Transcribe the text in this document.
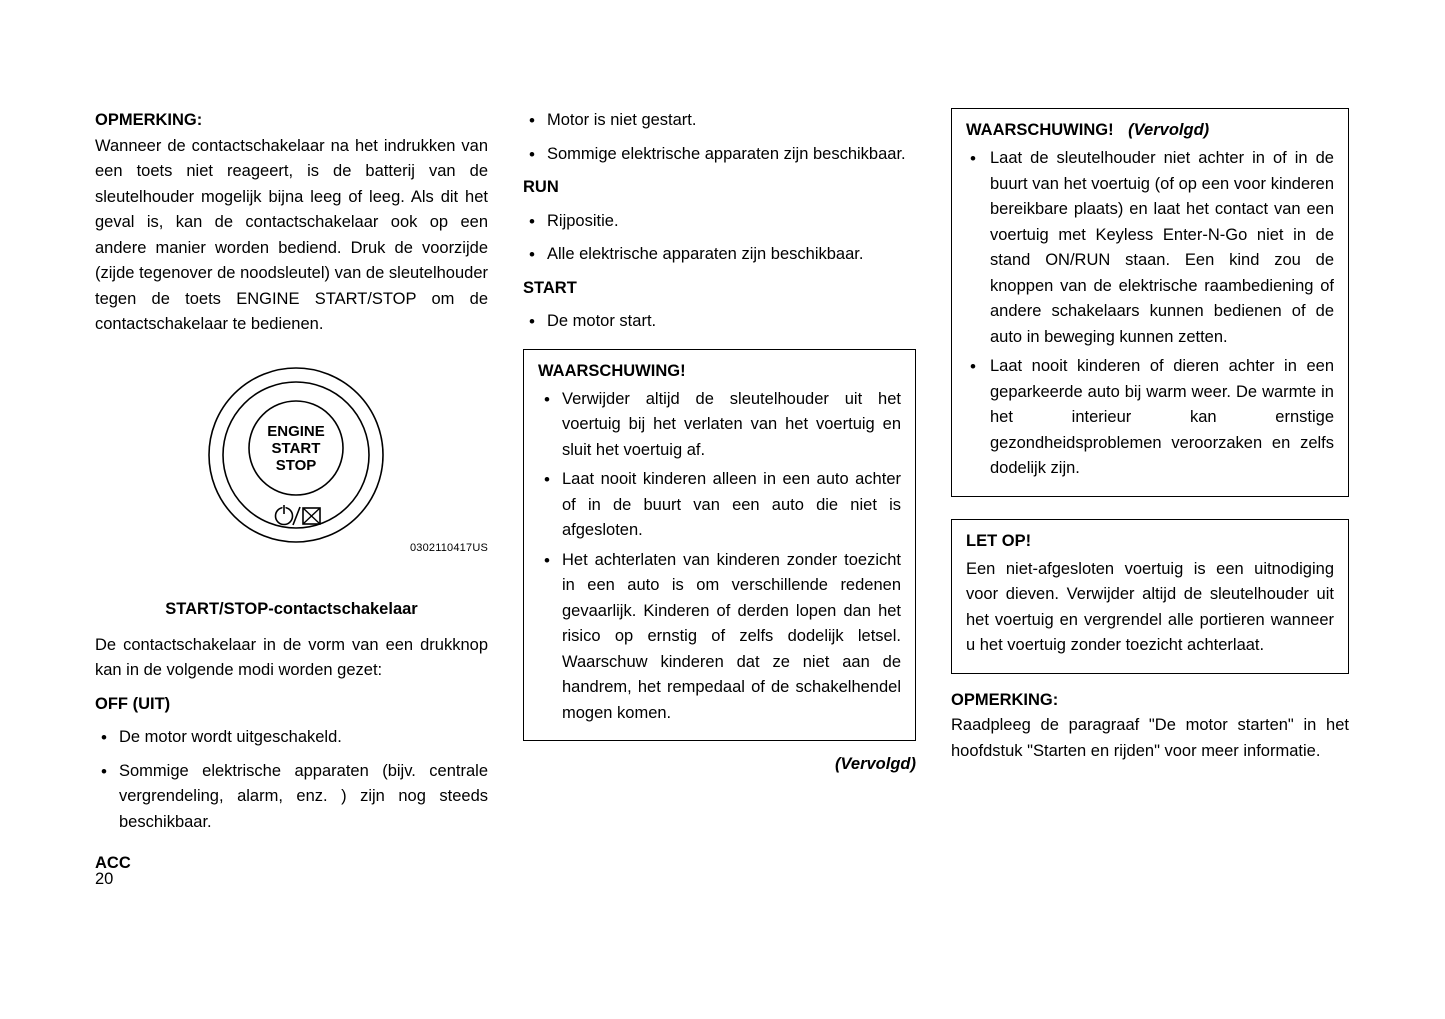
OPMERKING:

Wanneer de contactschakelaar na het indrukken van een toets niet reageert, is de batterij van de sleutelhouder mogelijk bijna leeg of leeg. Als dit het geval is, kan de contactschakelaar ook op een andere manier worden bediend. Druk de voorzijde (zijde tegenover de noodsleutel) van de sleutelhouder tegen de toets ENGINE START/STOP om de contactschakelaar te bedienen.

ENGINE
START
STOP
0302110417US
START/STOP-contactschakelaar

De contactschakelaar in de vorm van een drukknop kan in de volgende modi worden gezet:

OFF (UIT)
• De motor wordt uitgeschakeld.
• Sommige elektrische apparaten (bijv. centrale vergrendeling, alarm, enz. ) zijn nog steeds beschikbaar.
ACC
• Motor is niet gestart.
• Sommige elektrische apparaten zijn beschikbaar.
RUN
• Rijpositie.
• Alle elektrische apparaten zijn beschikbaar.
START
• De motor start.
WAARSCHUWING!
• Verwijder altijd de sleutelhouder uit het voertuig bij het verlaten van het voertuig en sluit het voertuig af.
• Laat nooit kinderen alleen in een auto achter of in de buurt van een auto die niet is afgesloten.
• Het achterlaten van kinderen zonder toezicht in een auto is om verschillende redenen gevaarlijk. Kinderen of derden lopen dan het risico op ernstig of zelfs dodelijk letsel. Waarschuw kinderen dat ze niet aan de handrem, het rempedaal of de schakelhendel mogen komen.
(Vervolgd)
WAARSCHUWING! (Vervolgd)
• Laat de sleutelhouder niet achter in of in de buurt van het voertuig (of op een voor kinderen bereikbare plaats) en laat het contact van een voertuig met Keyless Enter-N-Go niet in de stand ON/RUN staan. Een kind zou de knoppen van de elektrische raambediening of andere schakelaars kunnen bedienen of de auto in beweging kunnen zetten.
• Laat nooit kinderen of dieren achter in een geparkeerde auto bij warm weer. De warmte in het interieur kan ernstige gezondheidsproblemen veroorzaken en zelfs dodelijk zijn.
LET OP!

Een niet-afgesloten voertuig is een uitnodiging voor dieven. Verwijder altijd de sleutelhouder uit het voertuig en vergrendel alle portieren wanneer u het voertuig zonder toezicht achterlaat.

OPMERKING:

Raadpleeg de paragraaf "De motor starten" in het hoofdstuk "Starten en rijden" voor meer informatie.

20
